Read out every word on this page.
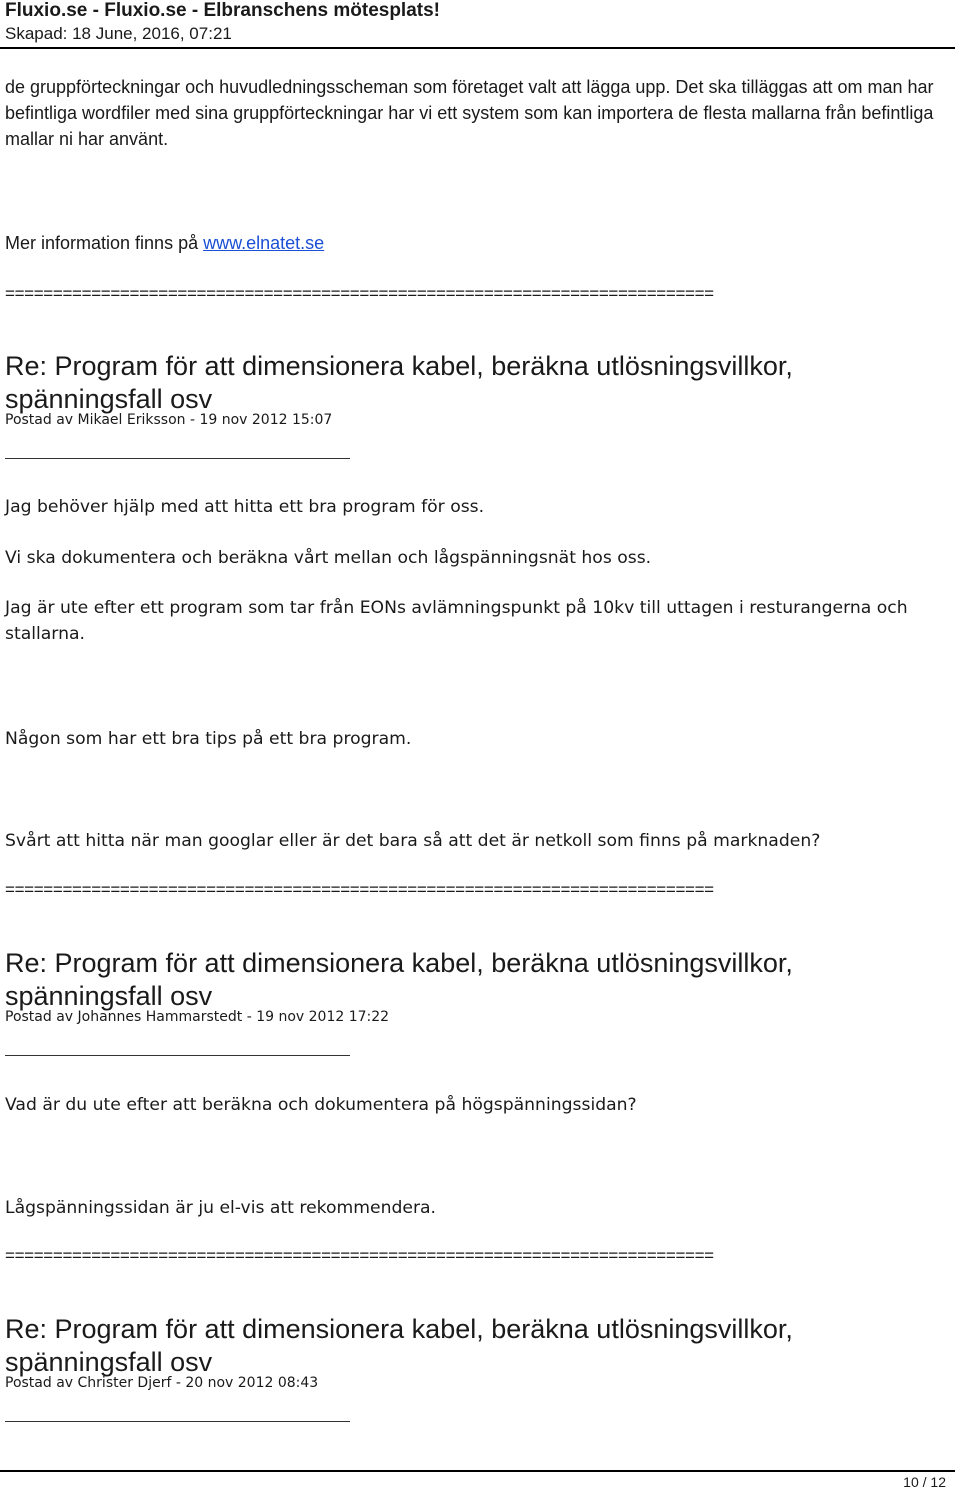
Fluxio.se - Fluxio.se - Elbranschens mötesplats!
Skapad: 18 June, 2016, 07:21
de gruppförteckningar och huvudledningsscheman som företaget valt att lägga upp. Det ska tilläggas att om man har befintliga wordfiler med sina gruppförteckningar har vi ett system som kan importera de flesta mallarna från befintliga mallar ni har använt.
Mer information finns på www.elnatet.se
==========================================================================
Re: Program för att dimensionera kabel, beräkna utlösningsvillkor, spänningsfall osv
Postad av Mikael Eriksson - 19 nov 2012 15:07
Jag behöver hjälp med att hitta ett bra program för oss.
Vi ska dokumentera och beräkna vårt mellan och lågspänningsnät hos oss.
Jag är ute efter ett program som tar från EONs avlämningspunkt på 10kv till uttagen i resturangerna och stallarna.
Någon som har ett bra tips på ett bra program.
Svårt att hitta när man googlar eller är det bara så att det är netkoll som finns på marknaden?
==========================================================================
Re: Program för att dimensionera kabel, beräkna utlösningsvillkor, spänningsfall osv
Postad av Johannes Hammarstedt - 19 nov 2012 17:22
Vad är du ute efter att beräkna och dokumentera på högspänningssidan?
Lågspänningssidan är ju el-vis att rekommendera.
==========================================================================
Re: Program för att dimensionera kabel, beräkna utlösningsvillkor, spänningsfall osv
Postad av Christer Djerf - 20 nov 2012 08:43
10 / 12
